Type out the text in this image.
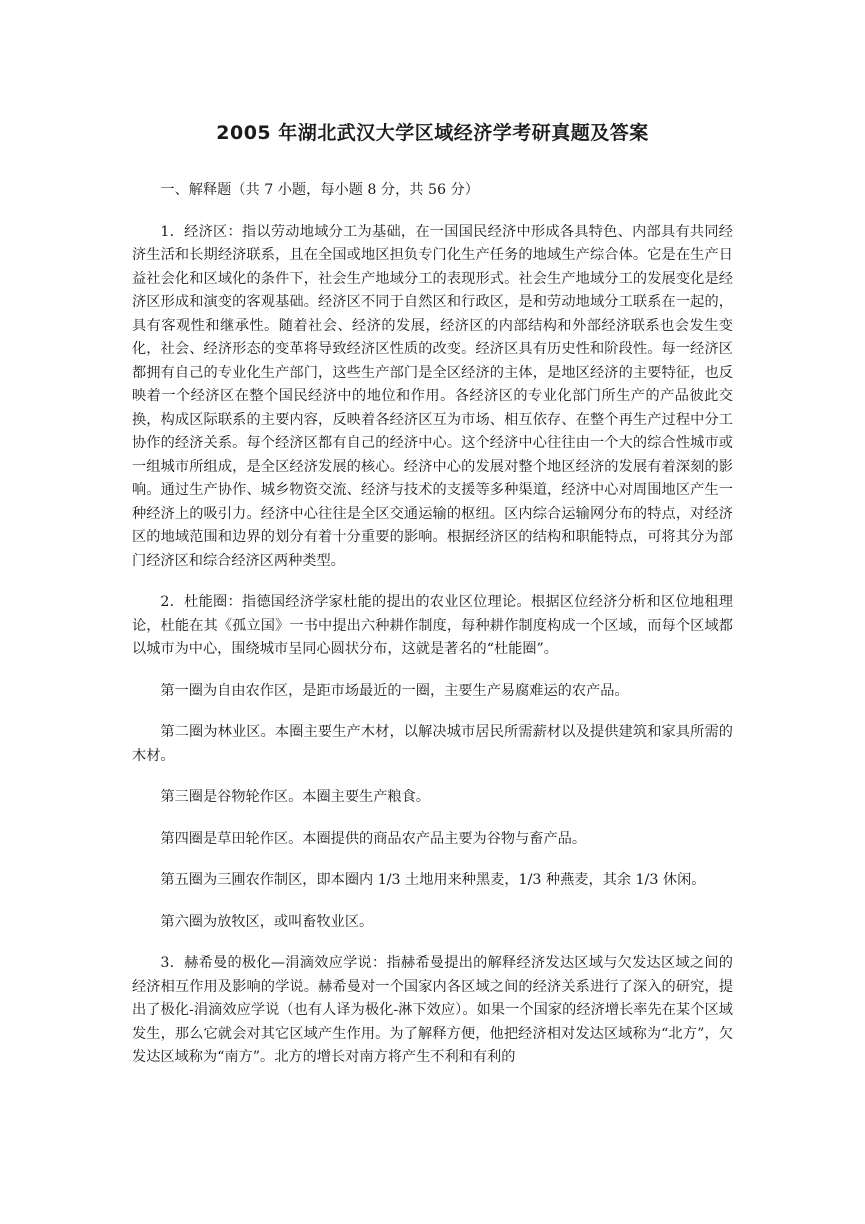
2005 年湖北武汉大学区域经济学考研真题及答案

一、解释题（共 7 小题，每小题 8 分，共 56 分）

1．经济区：指以劳动地域分工为基础，在一国国民经济中形成各具特色、内部具有共同经济生活和长期经济联系，且在全国或地区担负专门化生产任务的地域生产综合体。它是在生产日益社会化和区域化的条件下，社会生产地域分工的表现形式。社会生产地域分工的发展变化是经济区形成和演变的客观基础。经济区不同于自然区和行政区，是和劳动地域分工联系在一起的，具有客观性和继承性。随着社会、经济的发展，经济区的内部结构和外部经济联系也会发生变化，社会、经济形态的变革将导致经济区性质的改变。经济区具有历史性和阶段性。每一经济区都拥有自己的专业化生产部门，这些生产部门是全区经济的主体，是地区经济的主要特征，也反映着一个经济区在整个国民经济中的地位和作用。各经济区的专业化部门所生产的产品彼此交换，构成区际联系的主要内容，反映着各经济区互为市场、相互依存、在整个再生产过程中分工协作的经济关系。每个经济区都有自己的经济中心。这个经济中心往往由一个大的综合性城市或一组城市所组成，是全区经济发展的核心。经济中心的发展对整个地区经济的发展有着深刻的影响。通过生产协作、城乡物资交流、经济与技术的支援等多种渠道，经济中心对周围地区产生一种经济上的吸引力。经济中心往往是全区交通运输的枢纽。区内综合运输网分布的特点，对经济区的地域范围和边界的划分有着十分重要的影响。根据经济区的结构和职能特点，可将其分为部门经济区和综合经济区两种类型。

2．杜能圈：指德国经济学家杜能的提出的农业区位理论。根据区位经济分析和区位地租理论，杜能在其《孤立国》一书中提出六种耕作制度，每种耕作制度构成一个区域，而每个区域都以城市为中心，围绕城市呈同心圆状分布，这就是著名的“杜能圈”。

第一圈为自由农作区，是距市场最近的一圈，主要生产易腐难运的农产品。

第二圈为林业区。本圈主要生产木材，以解决城市居民所需薪材以及提供建筑和家具所需的木材。

第三圈是谷物轮作区。本圈主要生产粮食。

第四圈是草田轮作区。本圈提供的商品农产品主要为谷物与畜产品。

第五圈为三圃农作制区，即本圈内 1/3 土地用来种黑麦，1/3 种燕麦，其余 1/3 休闲。

第六圈为放牧区，或叫畜牧业区。

3．赫希曼的极化—涓滴效应学说：指赫希曼提出的解释经济发达区域与欠发达区域之间的经济相互作用及影响的学说。赫希曼对一个国家内各区域之间的经济关系进行了深入的研究，提出了极化-涓滴效应学说（也有人译为极化-淋下效应）。如果一个国家的经济增长率先在某个区域发生，那么它就会对其它区域产生作用。为了解释方便，他把经济相对发达区域称为“北方”，欠发达区域称为“南方”。北方的增长对南方将产生不利和有利的
